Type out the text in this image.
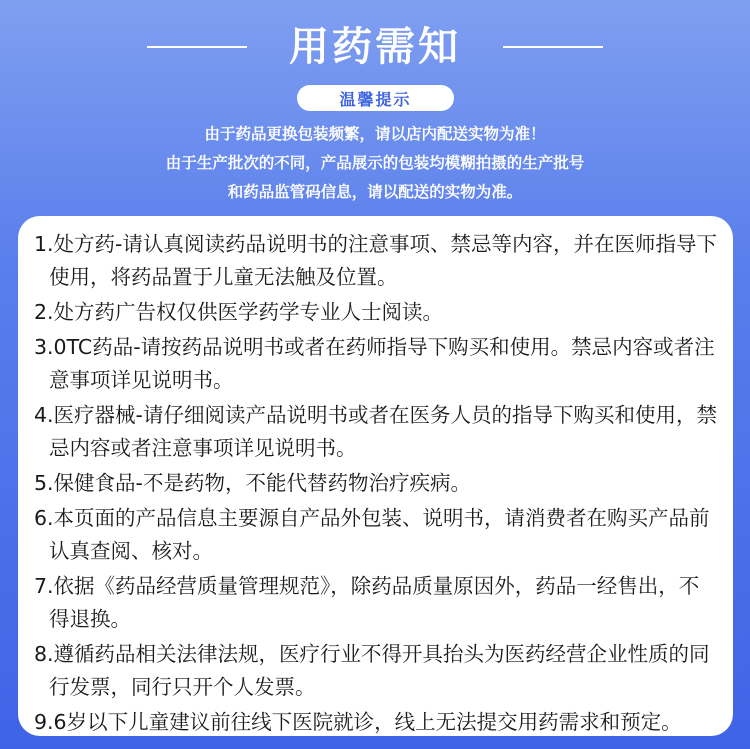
用药需知
温馨提示

由于药品更换包装频繁，请以店内配送实物为准！

由于生产批次的不同，产品展示的包装均模糊拍摄的生产批号

和药品监管码信息，请以配送的实物为准。

1.处方药-请认真阅读药品说明书的注意事项、禁忌等内容，并在医师指导下使用，将药品置于儿童无法触及位置。
2.处方药广告权仅供医学药学专业人士阅读。
3.0TC药品-请按药品说明书或者在药师指导下购买和使用。禁忌内容或者注意事项详见说明书。
4.医疗器械-请仔细阅读产品说明书或者在医务人员的指导下购买和使用，禁忌内容或者注意事项详见说明书。
5.保健食品-不是药物，不能代替药物治疗疾病。
6.本页面的产品信息主要源自产品外包装、说明书，请消费者在购买产品前认真查阅、核对。
7.依据《药品经营质量管理规范》，除药品质量原因外，药品一经售出，不得退换。
8.遵循药品相关法律法规，医疗行业不得开具抬头为医药经营企业性质的同行发票，同行只开个人发票。
9.6岁以下儿童建议前往线下医院就诊，线上无法提交用药需求和预定。
